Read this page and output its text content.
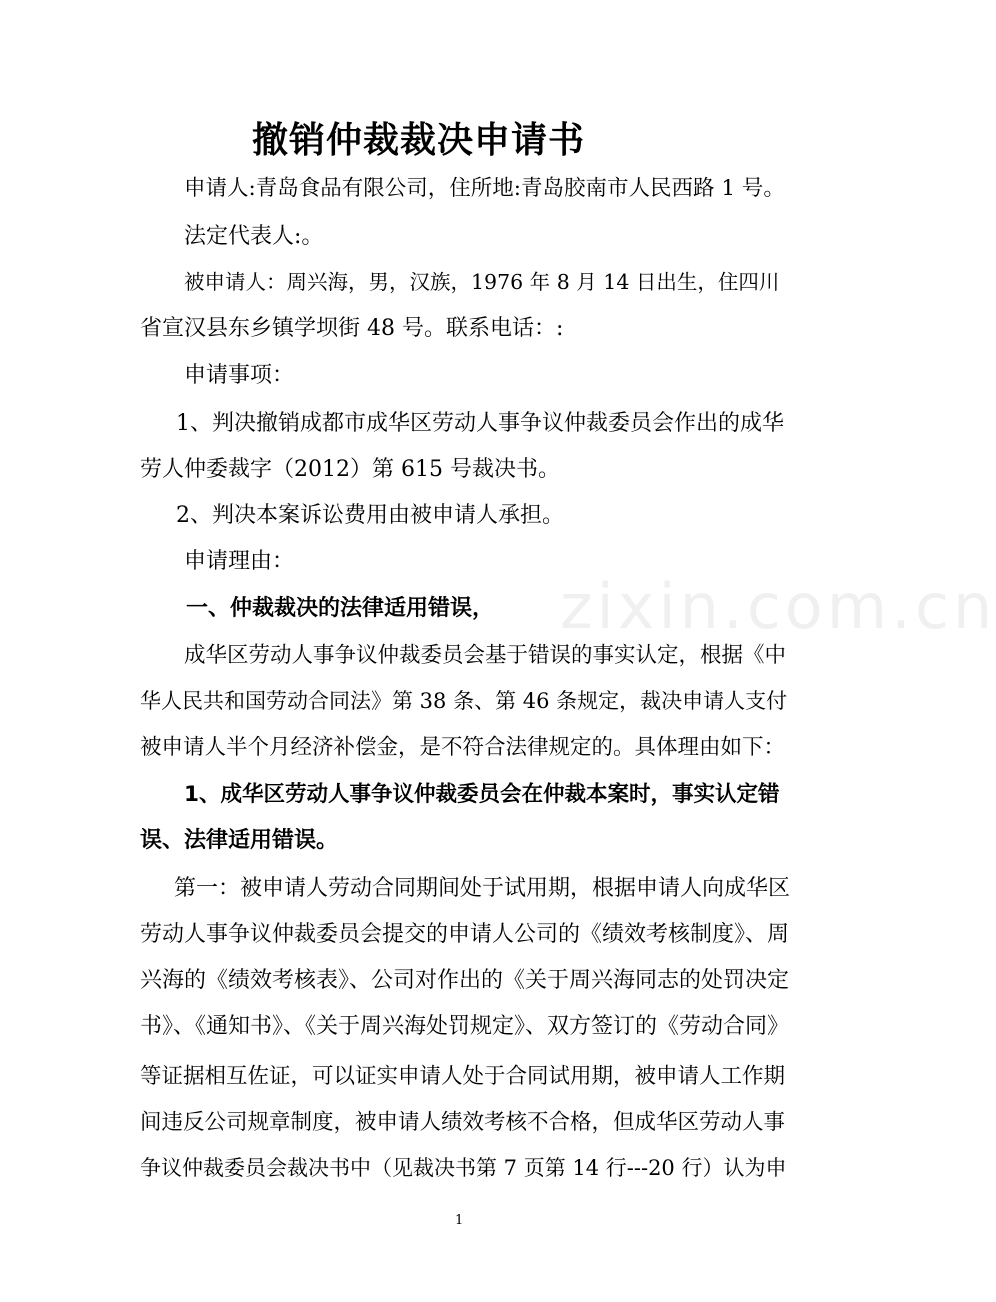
撤销仲裁裁决申请书
zixin.com.cn
申请人:青岛食品有限公司，住所地:青岛胶南市人民西路 1 号。
法定代表人:。
被申请人：周兴海，男，汉族，1976 年 8 月 14 日出生，住四川
省宣汉县东乡镇学坝街 48 号。联系电话：:
申请事项：
1、判决撤销成都市成华区劳动人事争议仲裁委员会作出的成华
劳人仲委裁字（2012）第 615 号裁决书。
2、判决本案诉讼费用由被申请人承担。
申请理由：
一、仲裁裁决的法律适用错误，
成华区劳动人事争议仲裁委员会基于错误的事实认定，根据《中
华人民共和国劳动合同法》第 38 条、第 46 条规定，裁决申请人支付
被申请人半个月经济补偿金，是不符合法律规定的。具体理由如下：
1、成华区劳动人事争议仲裁委员会在仲裁本案时，事实认定错
误、法律适用错误。
第一：被申请人劳动合同期间处于试用期，根据申请人向成华区
劳动人事争议仲裁委员会提交的申请人公司的《绩效考核制度》、周
兴海的《绩效考核表》、公司对作出的《关于周兴海同志的处罚决定
书》、《通知书》、《关于周兴海处罚规定》、双方签订的《劳动合同》
等证据相互佐证，可以证实申请人处于合同试用期，被申请人工作期
间违反公司规章制度，被申请人绩效考核不合格，但成华区劳动人事
争议仲裁委员会裁决书中（见裁决书第 7 页第 14 行---20 行）认为申
1
